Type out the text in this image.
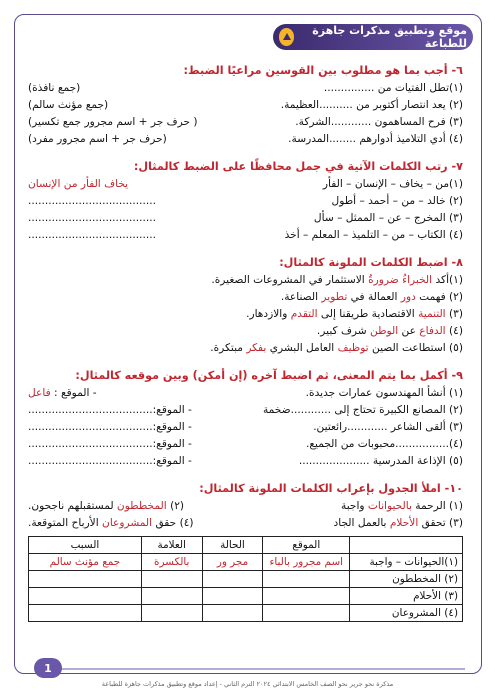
موقع وتطبيق مذكرات جاهزة للطباعة
٦- أجب بما هو مطلوب بين القوسين مراعيًا الضبط:
(١)تطل الفتيات من ...............
(جمع نافذة)
(٢) يعد انتصار أكتوبر من ..........العظيمة.
(جمع مؤنث سالم)
(٣) فرح المساهمون ............الشركة.
( حرف جر + اسم مجرور جمع تكسير)
(٤) أدي التلاميذ أدوارهم ........المدرسة.
(حرف جر + اسم مجرور مفرد)
٧- رتب الكلمات الآتية في جمل محافظًا على الضبط كالمثال:
(١)من – يخاف – الإنسان – الفأر
يخاف الفأر من الإنسان
(٢) خالد – من – أحمد – أطول
......................................
(٣) المخرج – عن – الممثل – سأل
......................................
(٤) الكتاب – من – التلميذ – المعلم – أخذ
......................................
٨- اضبط الكلمات الملونة كالمثال:
(١)أكد الخبراءُ ضرورةُ الاستثمار في المشروعات الصغيرة.
(٢) فهمت دور العمالة في تطوير الصناعة.
(٣) التنمية الاقتصادية طريقنا إلى التقدم والازدهار.
(٤) الدفاع عن الوطن شرف كبير.
(٥) استطاعت الصين توظيف العامل البشري بفكر مبتكرة.
٩- أكمل بما يتم المعنى، ثم اضبط آخره (إن أمكن) وبين موقعه كالمثال:
(١) أنشأ المهندسون عمارات جديدة.
- الموقع : فاعل
(٢) المصانع الكبيرة تحتاج إلى ............ضخمة
- الموقع:.....................................
(٣) ألقى الشاعر ............رائعتين.
- الموقع:.....................................
(٤)................محبوبات من الجميع.
- الموقع:.....................................
(٥) الإذاعة المدرسية .....................
- الموقع:.....................................
١٠- املأ الجدول بإعراب الكلمات الملونة كالمثال:
(١) الرحمة بالحيوانات واجبة
(٢) المخططون لمستقبلهم ناجحون.
(٣) تحقق الأحلام بالعمل الجاد
(٤) حقق المشروعان الأرباح المتوقعة.
	الموقع	الحالة	العلامة	السبب
(١)الحيوانات – واجبة	اسم مجرور بالباء	مجر ور	بالكسرة	جمع مؤنث سالم
(٢) المخططون				
(٣) الأحلام				
(٤) المشروعان				
1
مذكرة نحو جرير نحو الصف الخامس الابتدائي ٢٠٢٤ الترم الثاني - إعداد موقع وتطبيق مذكرات جاهزة للطباعة
